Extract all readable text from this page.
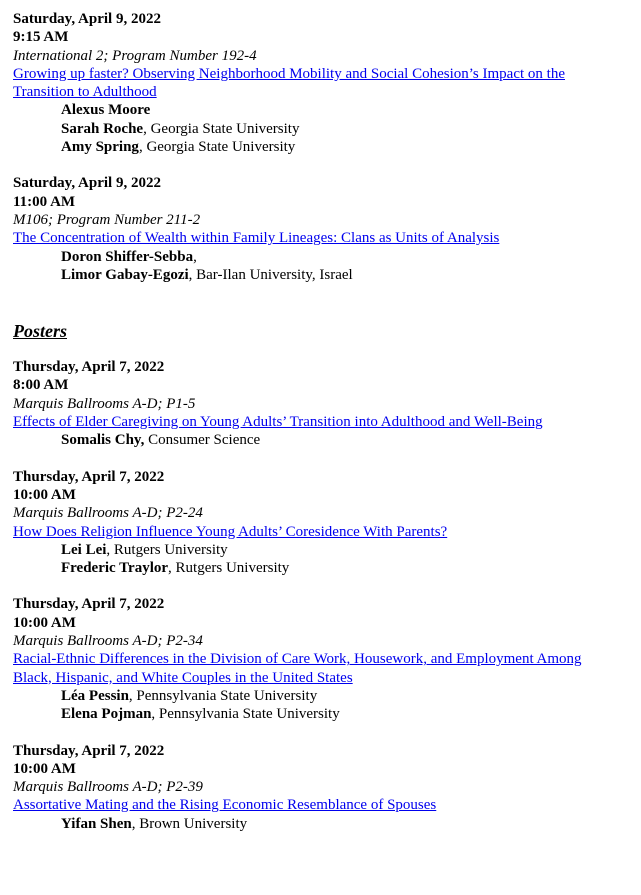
Saturday, April 9, 2022
9:15 AM
International 2; Program Number 192-4
Growing up faster? Observing Neighborhood Mobility and Social Cohesion’s Impact on the Transition to Adulthood
Alexus Moore
Sarah Roche, Georgia State University
Amy Spring, Georgia State University
Saturday, April 9, 2022
11:00 AM
M106; Program Number 211-2
The Concentration of Wealth within Family Lineages: Clans as Units of Analysis
Doron Shiffer-Sebba,
Limor Gabay-Egozi, Bar-Ilan University, Israel
Posters
Thursday, April 7, 2022
8:00 AM
Marquis Ballrooms A-D; P1-5
Effects of Elder Caregiving on Young Adults’ Transition into Adulthood and Well-Being
Somalis Chy, Consumer Science
Thursday, April 7, 2022
10:00 AM
Marquis Ballrooms A-D; P2-24
How Does Religion Influence Young Adults’ Coresidence With Parents?
Lei Lei, Rutgers University
Frederic Traylor, Rutgers University
Thursday, April 7, 2022
10:00 AM
Marquis Ballrooms A-D; P2-34
Racial-Ethnic Differences in the Division of Care Work, Housework, and Employment Among Black, Hispanic, and White Couples in the United States
Léa Pessin, Pennsylvania State University
Elena Pojman, Pennsylvania State University
Thursday, April 7, 2022
10:00 AM
Marquis Ballrooms A-D; P2-39
Assortative Mating and the Rising Economic Resemblance of Spouses
Yifan Shen, Brown University
